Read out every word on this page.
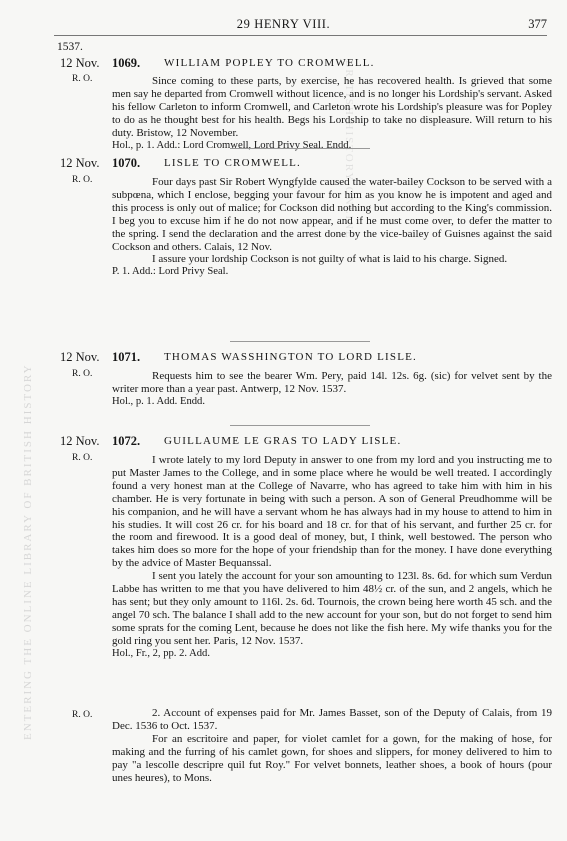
ENTERING THE ONLINE LIBRARY OF BRITISH HISTORY
BRITISH HISTORY ONLINE
29 HENRY VIII.	377
1537.
12 Nov.
R. O.
1069. WILLIAM POPLEY TO CROMWELL.

Since coming to these parts, by exercise, he has recovered health. Is grieved that some men say he departed from Cromwell without licence, and is no longer his Lordship's servant. Asked his fellow Carleton to inform Cromwell, and Carleton wrote his Lordship's pleasure was for Popley to do as he thought best for his health. Begs his Lordship to take no displeasure. Will return to his duty. Bristow, 12 November.

Hol., p. 1. Add.: Lord Cromwell, Lord Privy Seal. Endd.

12 Nov.
R. O.
1070. LISLE TO CROMWELL.

Four days past Sir Robert Wyngfylde caused the water-bailey Cockson to be served with a subpœna, which I enclose, begging your favour for him as you know he is impotent and aged and this process is only out of malice; for Cockson did nothing but according to the King's commission. I beg you to excuse him if he do not now appear, and if he must come over, to defer the matter to the spring. I send the declaration and the arrest done by the vice-bailey of Guisnes against the said Cockson and others. Calais, 12 Nov.

I assure your lordship Cockson is not guilty of what is laid to his charge. Signed.

P. 1. Add.: Lord Privy Seal.

12 Nov.
R. O.
1071. THOMAS WASSHINGTON TO LORD LISLE.

Requests him to see the bearer Wm. Pery, paid 14l. 12s. 6g. (sic) for velvet sent by the writer more than a year past. Antwerp, 12 Nov. 1537.

Hol., p. 1. Add. Endd.

12 Nov.
R. O.
1072. GUILLAUME LE GRAS TO LADY LISLE.

I wrote lately to my lord Deputy in answer to one from my lord and you instructing me to put Master James to the College, and in some place where he would be well treated. I accordingly found a very honest man at the College of Navarre, who has agreed to take him with him in his chamber. He is very fortunate in being with such a person. A son of General Preudhomme will be his companion, and he will have a servant whom he has always had in my house to attend to him in his studies. It will cost 26 cr. for his board and 18 cr. for that of his servant, and further 25 cr. for the room and firewood. It is a good deal of money, but, I think, well bestowed. The person who takes him does so more for the hope of your friendship than for the money. I have done everything by the advice of Master Bequanssal.

I sent you lately the account for your son amounting to 123l. 8s. 6d. for which sum Verdun Labbe has written to me that you have delivered to him 48½ cr. of the sun, and 2 angels, which he has sent; but they only amount to 116l. 2s. 6d. Tournois, the crown being here worth 45 sch. and the angel 70 sch. The balance I shall add to the new account for your son, but do not forget to send him some sprats for the coming Lent, because he does not like the fish here. My wife thanks you for the gold ring you sent her. Paris, 12 Nov. 1537.

Hol., Fr., 2, pp. 2. Add.

R. O.	2. Account of expenses paid for Mr. James Basset, son of the Deputy of Calais, from 19 Dec. 1536 to Oct. 1537.

For an escritoire and paper, for violet camlet for a gown, for the making of hose, for making and the furring of his camlet gown, for shoes and slippers, for money delivered to him to pay "a lescolle descripre quil fut Roy." For velvet bonnets, leather shoes, a book of hours (pour unes heures), to Mons.
